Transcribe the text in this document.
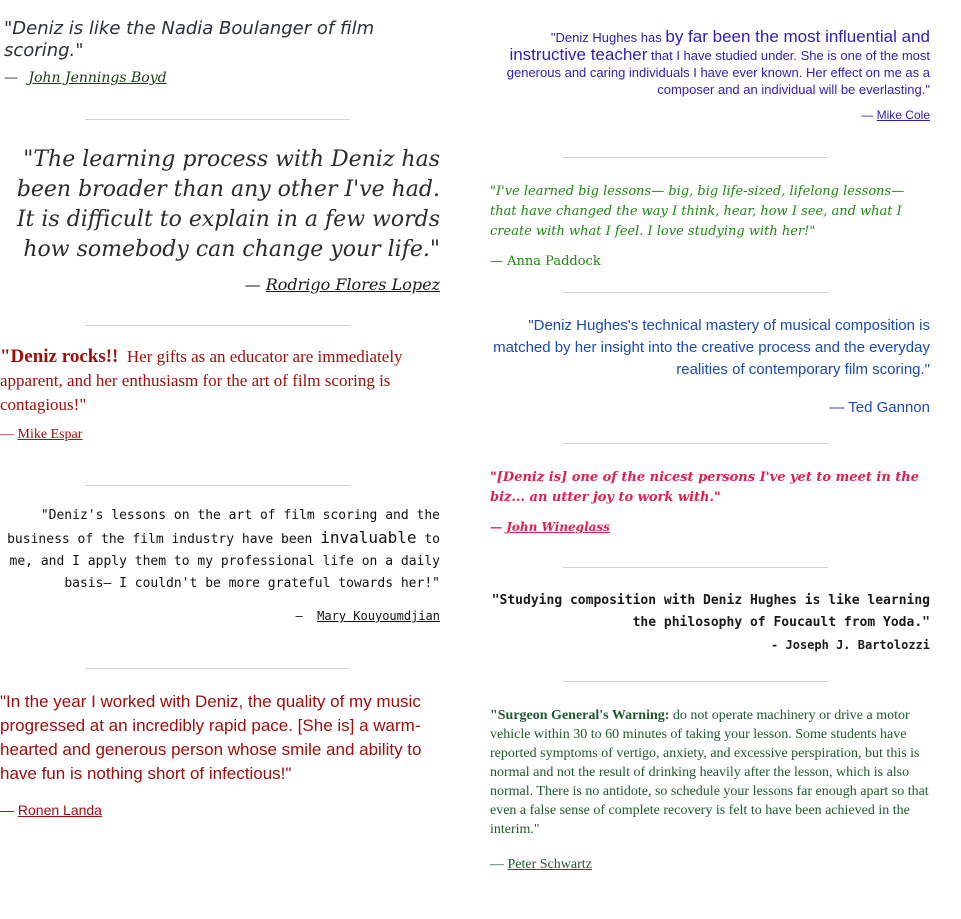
"Deniz is like the Nadia Boulanger of film scoring."
— John Jennings Boyd
"The learning process with Deniz has been broader than any other I've had. It is difficult to explain in a few words how somebody can change your life."
— Rodrigo Flores Lopez
"Deniz rocks!! Her gifts as an educator are immediately apparent, and her enthusiasm for the art of film scoring is contagious!"
— Mike Espar
"Deniz's lessons on the art of film scoring and the business of the film industry have been invaluable to me, and I apply them to my professional life on a daily basis— I couldn't be more grateful towards her!"
— Mary Kouyoumdjian
"In the year I worked with Deniz, the quality of my music progressed at an incredibly rapid pace. [She is] a warm-hearted and generous person whose smile and ability to have fun is nothing short of infectious!"
— Ronen Landa
"Deniz Hughes has by far been the most influential and instructive teacher that I have studied under. She is one of the most generous and caring individuals I have ever known. Her effect on me as a composer and an individual will be everlasting."
— Mike Cole
"I've learned big lessons— big, big life-sized, lifelong lessons— that have changed the way I think, hear, how I see, and what I create with what I feel. I love studying with her!"
— Anna Paddock
"Deniz Hughes's technical mastery of musical composition is matched by her insight into the creative process and the everyday realities of contemporary film scoring."
— Ted Gannon
"[Deniz is] one of the nicest persons I've yet to meet in the biz... an utter joy to work with."
— John Wineglass
"Studying composition with Deniz Hughes is like learning the philosophy of Foucault from Yoda."
- Joseph J. Bartolozzi
"Surgeon General's Warning: do not operate machinery or drive a motor vehicle within 30 to 60 minutes of taking your lesson. Some students have reported symptoms of vertigo, anxiety, and excessive perspiration, but this is normal and not the result of drinking heavily after the lesson, which is also normal. There is no antidote, so schedule your lessons far enough apart so that even a false sense of complete recovery is felt to have been achieved in the interim."
— Peter Schwartz
